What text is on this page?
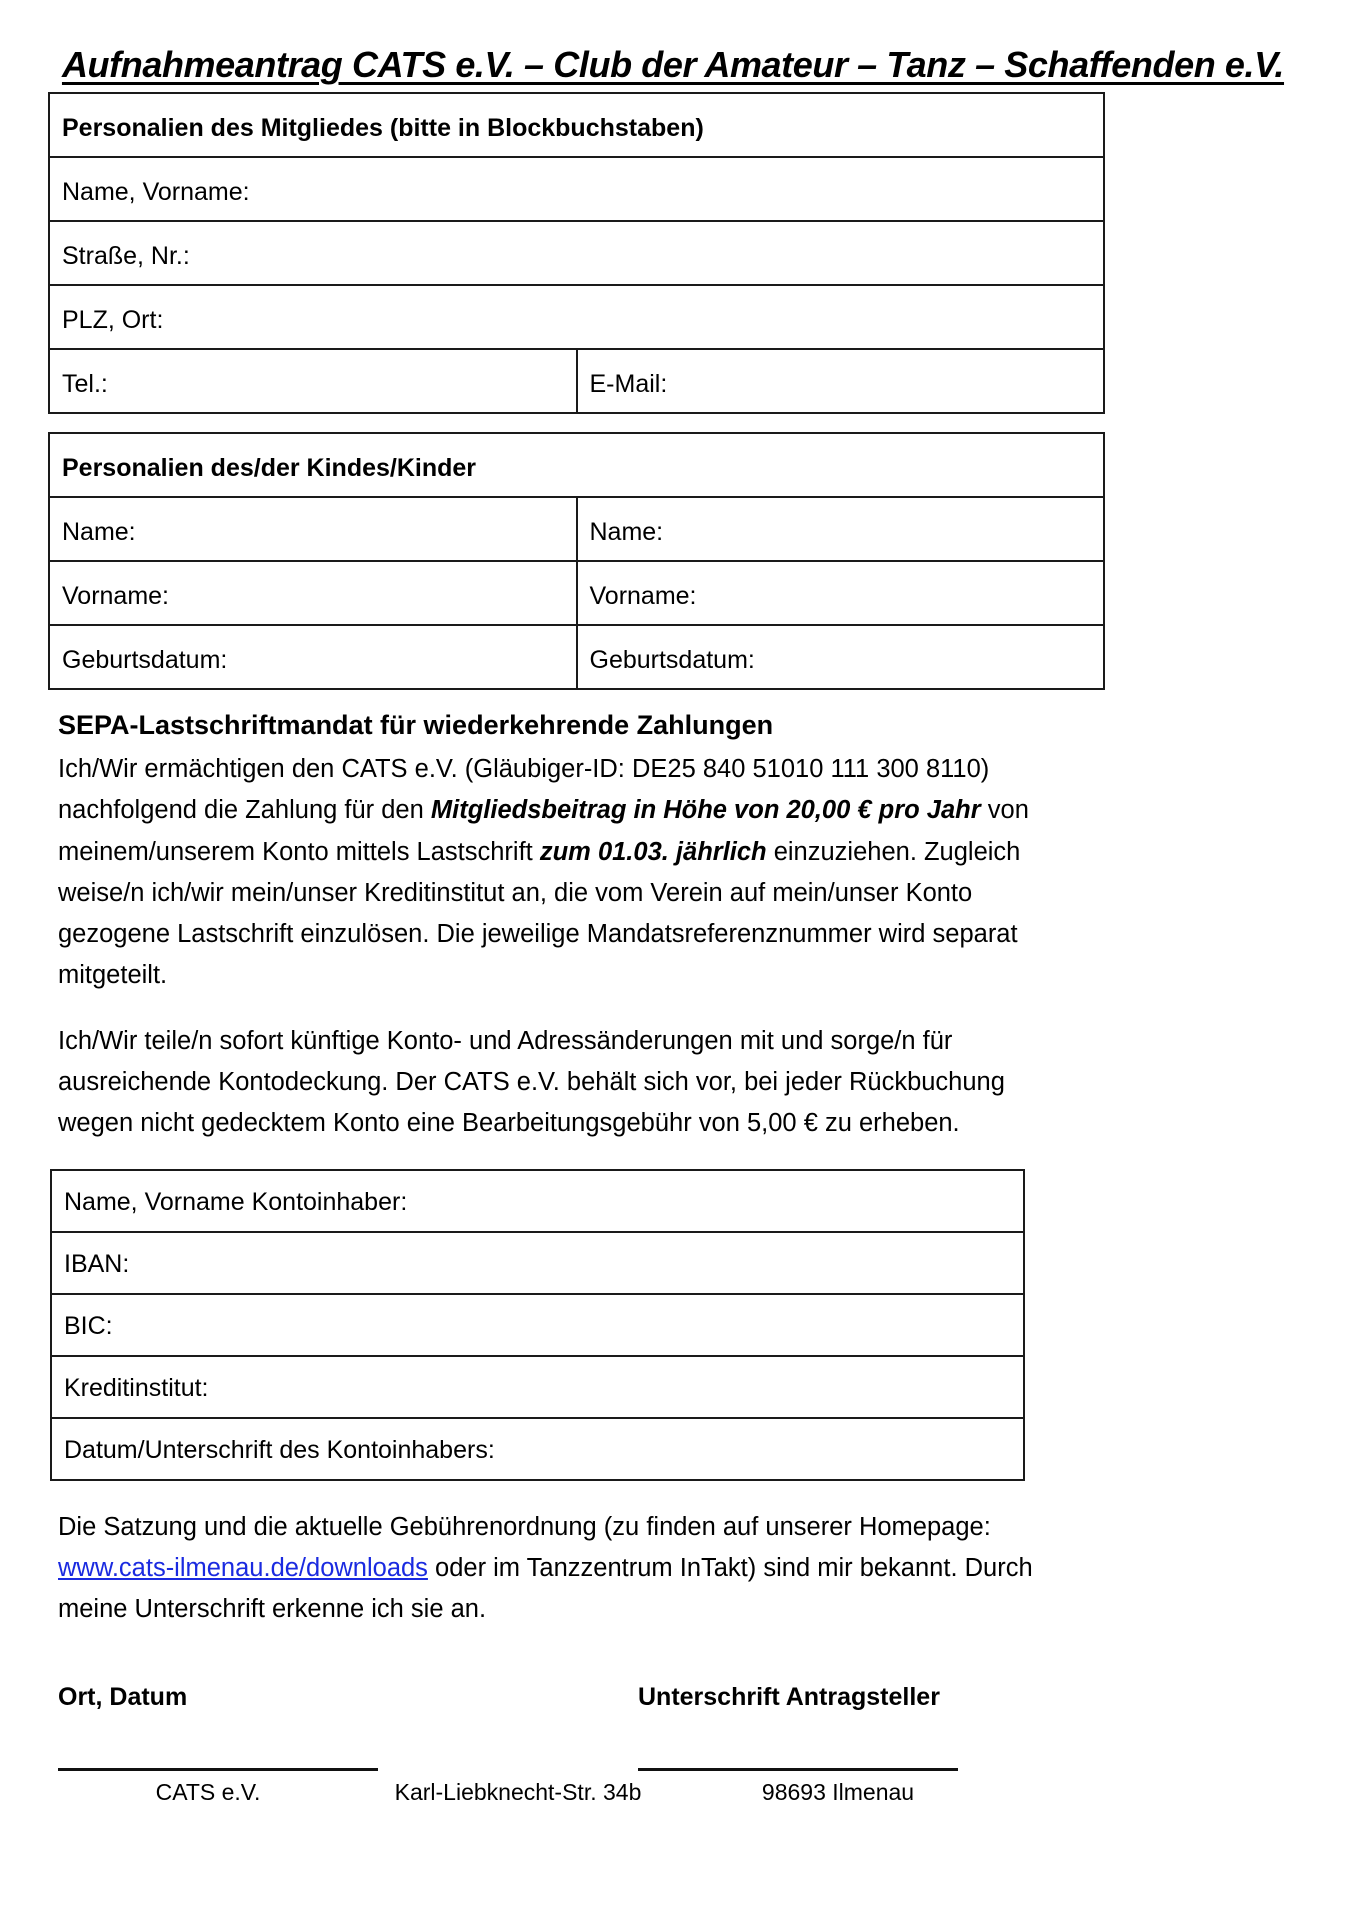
Aufnahmeantrag CATS e.V. – Club der Amateur – Tanz – Schaffenden e.V.
Personalien des Mitgliedes (bitte in Blockbuchstaben)
Name, Vorname:
Straße, Nr.:
PLZ, Ort:
Tel.:	E-Mail:
Personalien des/der Kindes/Kinder	
Name:	Name:
Vorname:	Vorname:
Geburtsdatum:	Geburtsdatum:
SEPA-Lastschriftmandat für wiederkehrende Zahlungen

Ich/Wir ermächtigen den CATS e.V. (Gläubiger-ID: DE25 840 51010 111 300 8110) nachfolgend die Zahlung für den Mitgliedsbeitrag in Höhe von 20,00 € pro Jahr von meinem/unserem Konto mittels Lastschrift zum 01.03. jährlich einzuziehen. Zugleich weise/n ich/wir mein/unser Kreditinstitut an, die vom Verein auf mein/unser Konto gezogene Lastschrift einzulösen. Die jeweilige Mandatsreferenznummer wird separat mitgeteilt.

Ich/Wir teile/n sofort künftige Konto- und Adressänderungen mit und sorge/n für ausreichende Kontodeckung. Der CATS e.V. behält sich vor, bei jeder Rückbuchung wegen nicht gedecktem Konto eine Bearbeitungsgebühr von 5,00 € zu erheben.

Name, Vorname Kontoinhaber:
IBAN:
BIC:
Kreditinstitut:
Datum/Unterschrift des Kontoinhabers:

Die Satzung und die aktuelle Gebührenordnung (zu finden auf unserer Homepage: www.cats-ilmenau.de/downloads oder im Tanzzentrum InTakt) sind mir bekannt. Durch meine Unterschrift erkenne ich sie an.

Ort, Datum	Unterschrift Antragsteller
CATS e.V.	Karl-Liebknecht-Str. 34b	98693 Ilmenau
